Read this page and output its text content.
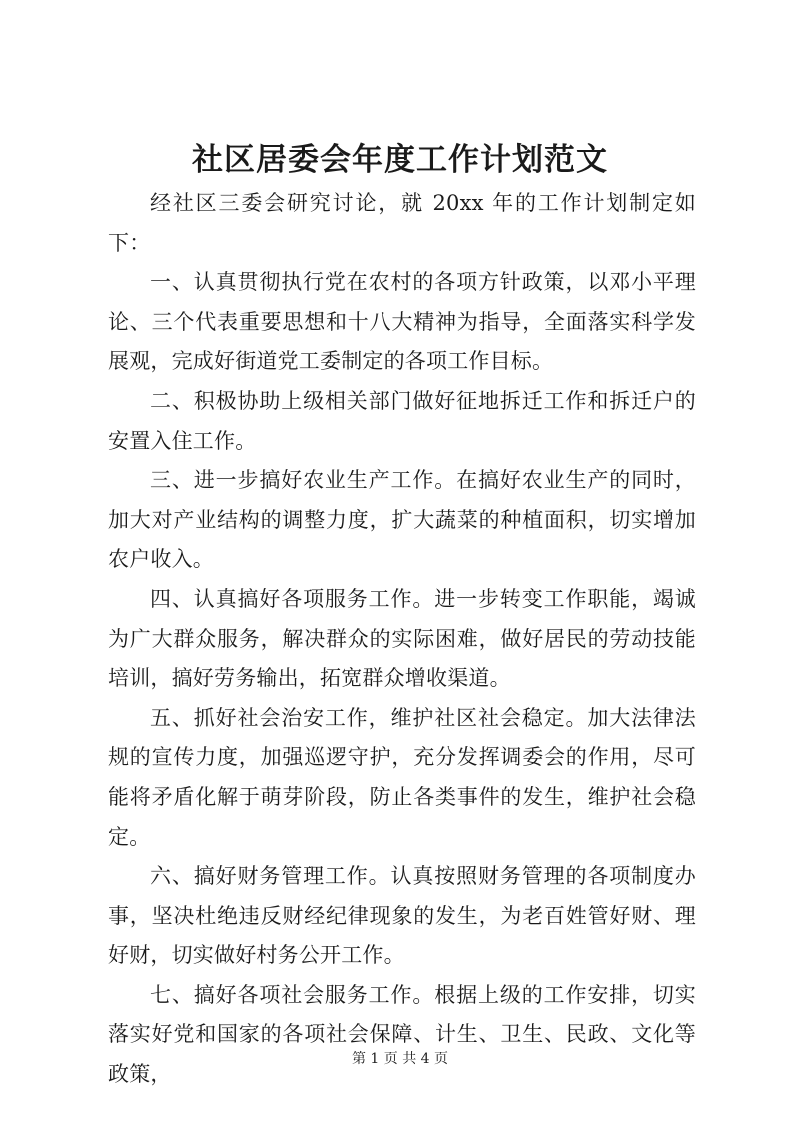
社区居委会年度工作计划范文

经社区三委会研究讨论，就 20xx 年的工作计划制定如下：

一、认真贯彻执行党在农村的各项方针政策，以邓小平理论、三个代表重要思想和十八大精神为指导，全面落实科学发展观，完成好街道党工委制定的各项工作目标。

二、积极协助上级相关部门做好征地拆迁工作和拆迁户的安置入住工作。

三、进一步搞好农业生产工作。在搞好农业生产的同时，加大对产业结构的调整力度，扩大蔬菜的种植面积，切实增加农户收入。

四、认真搞好各项服务工作。进一步转变工作职能，竭诚为广大群众服务，解决群众的实际困难，做好居民的劳动技能培训，搞好劳务输出，拓宽群众增收渠道。

五、抓好社会治安工作，维护社区社会稳定。加大法律法规的宣传力度，加强巡逻守护，充分发挥调委会的作用，尽可能将矛盾化解于萌芽阶段，防止各类事件的发生，维护社会稳定。

六、搞好财务管理工作。认真按照财务管理的各项制度办事，坚决杜绝违反财经纪律现象的发生，为老百姓管好财、理好财，切实做好村务公开工作。

七、搞好各项社会服务工作。根据上级的工作安排，切实落实好党和国家的各项社会保障、计生、卫生、民政、文化等政策，

第 1 页 共 4 页
